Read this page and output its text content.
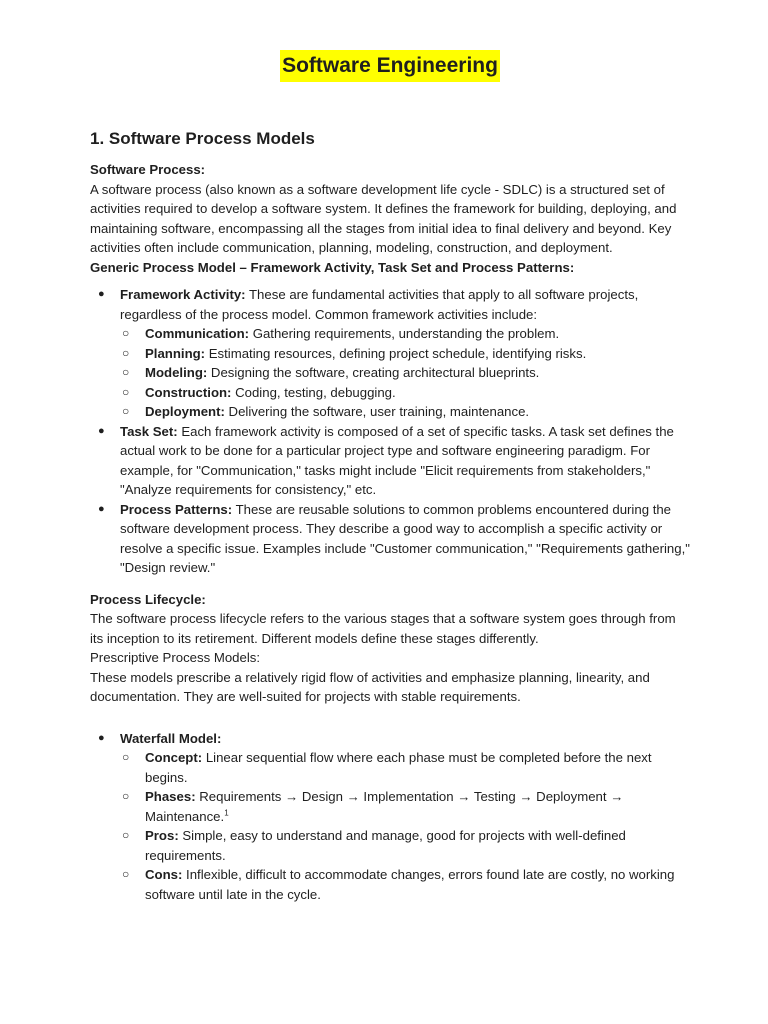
Software Engineering
1. Software Process Models
Software Process:

A software process (also known as a software development life cycle - SDLC) is a structured set of activities required to develop a software system. It defines the framework for building, deploying, and maintaining software, encompassing all the stages from initial idea to final delivery and beyond. Key activities often include communication, planning, modeling, construction, and deployment.

Generic Process Model – Framework Activity, Task Set and Process Patterns:
● Framework Activity: These are fundamental activities that apply to all software projects, regardless of the process model. Common framework activities include:
○ Communication: Gathering requirements, understanding the problem.
○ Planning: Estimating resources, defining project schedule, identifying risks.
○ Modeling: Designing the software, creating architectural blueprints.
○ Construction: Coding, testing, debugging.
○ Deployment: Delivering the software, user training, maintenance.
● Task Set: Each framework activity is composed of a set of specific tasks. A task set defines the actual work to be done for a particular project type and software engineering paradigm. For example, for "Communication," tasks might include "Elicit requirements from stakeholders," "Analyze requirements for consistency," etc.
● Process Patterns: These are reusable solutions to common problems encountered during the software development process. They describe a good way to accomplish a specific activity or resolve a specific issue. Examples include "Customer communication," "Requirements gathering," "Design review."
Process Lifecycle:

The software process lifecycle refers to the various stages that a software system goes through from its inception to its retirement. Different models define these stages differently.

Prescriptive Process Models:

These models prescribe a relatively rigid flow of activities and emphasize planning, linearity, and documentation. They are well-suited for projects with stable requirements.

● Waterfall Model:
○ Concept: Linear sequential flow where each phase must be completed before the next begins.
○ Phases: Requirements → Design → Implementation → Testing → Deployment → Maintenance.$^1$
○ Pros: Simple, easy to understand and manage, good for projects with well-defined requirements.
○ Cons: Inflexible, difficult to accommodate changes, errors found late are costly, no working software until late in the cycle.
